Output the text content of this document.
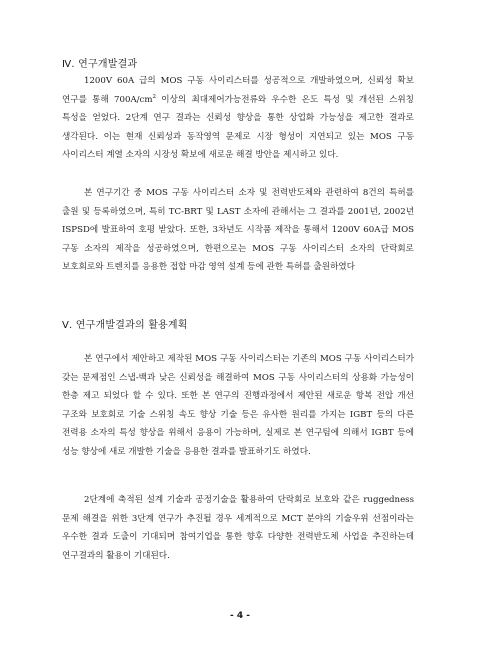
Ⅳ. 연구개발결과
1200V 60A 급의 MOS 구동 사이리스터를 성공적으로 개발하였으며, 신뢰성 확보 연구를 통해 $700A/cm^2$ 이상의 최대제어가능전류와 우수한 온도 특성 및 개선된 스위칭 특성을 얻었다. 2단계 연구 결과는 신뢰성 향상을 통한 상업화 가능성을 제고한 결과로 생각된다. 이는 현재 신뢰성과 동작영역 문제로 시장 형성이 지연되고 있는 MOS 구동 사이리스터 계열 소자의 시장성 확보에 새로운 해결 방안을 제시하고 있다.
본 연구기간 중 MOS 구동 사이리스터 소자 및 전력반도체와 관련하여 8건의 특허를 출원 및 등록하였으며, 특히 TC-BRT 및 LAST 소자에 관해서는 그 결과를 2001년, 2002년 ISPSD에 발표하여 호평 받았다. 또한, 3차년도 시작품 제작을 통해서 1200V 60A급 MOS 구동 소자의 제작을 성공하였으며, 한편으로는 MOS 구동 사이리스터 소자의 단락회로 보호회로와 트렌치를 응용한 접합 마감 영역 설계 등에 관한 특허를 출원하였다
Ⅴ. 연구개발결과의 활용계획
본 연구에서 제안하고 제작된 MOS 구동 사이리스터는 기존의 MOS 구동 사이리스터가 갖는 문제점인 스냅-백과 낮은 신뢰성을 해결하여 MOS 구동 사이리스터의 상용화 가능성이 한층 제고 되었다 할 수 있다. 또한 본 연구의 진행과정에서 제안된 새로운 항복 전압 개선 구조와 보호회로 기술 스위칭 속도 향상 기술 등은 유사한 원리를 가지는 IGBT 등의 다른 전력용 소자의 특성 향상을 위해서 응용이 가능하며, 실제로 본 연구팀에 의해서 IGBT 등에 성능 향상에 새로 개발한 기술을 응용한 결과를 발표하기도 하였다.
2단계에 축적된 설계 기술과 공정기술을 활용하여 단락회로 보호와 같은 ruggedness 문제 해결을 위한 3단계 연구가 추진될 경우 세계적으로 MCT 분야의 기술우위 선점이라는 우수한 결과 도출이 기대되며 참여기업을 통한 향후 다양한 전력반도체 사업을 추진하는데 연구결과의 활용이 기대된다.
- 4 -
